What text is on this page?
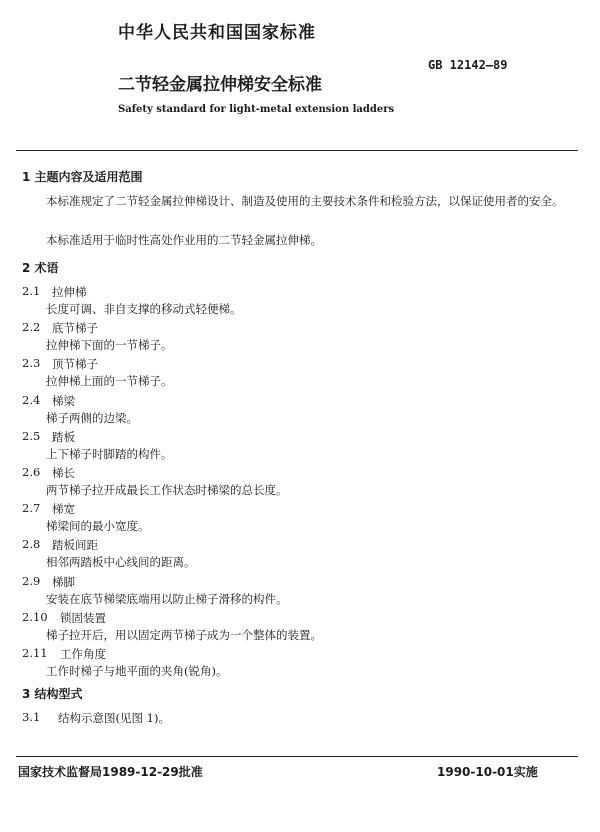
中华人民共和国国家标准
GB 12142—89
二节轻金属拉伸梯安全标准
Safety standard for light-metal extension ladders
1 主题内容及适用范围
本标准规定了二节轻金属拉伸梯设计、制造及使用的主要技术条件和检验方法，以保证使用者的安全。
本标准适用于临时性高处作业用的二节轻金属拉伸梯。
2 术语
2.1 拉伸梯
长度可调、非自支撑的移动式轻便梯。
2.2 底节梯子
拉伸梯下面的一节梯子。
2.3 顶节梯子
拉伸梯上面的一节梯子。
2.4 梯梁
梯子两侧的边梁。
2.5 踏板
上下梯子时脚踏的构件。
2.6 梯长
两节梯子拉开成最长工作状态时梯梁的总长度。
2.7 梯宽
梯梁间的最小宽度。
2.8 踏板间距
相邻两踏板中心线间的距离。
2.9 梯脚
安装在底节梯梁底端用以防止梯子滑移的构件。
2.10 锁固装置
梯子拉开后，用以固定两节梯子成为一个整体的装置。
2.11 工作角度
工作时梯子与地平面的夹角(锐角)。
3 结构型式
3.1 结构示意图(见图 1)。
国家技术监督局1989-12-29批准	1990-10-01实施
